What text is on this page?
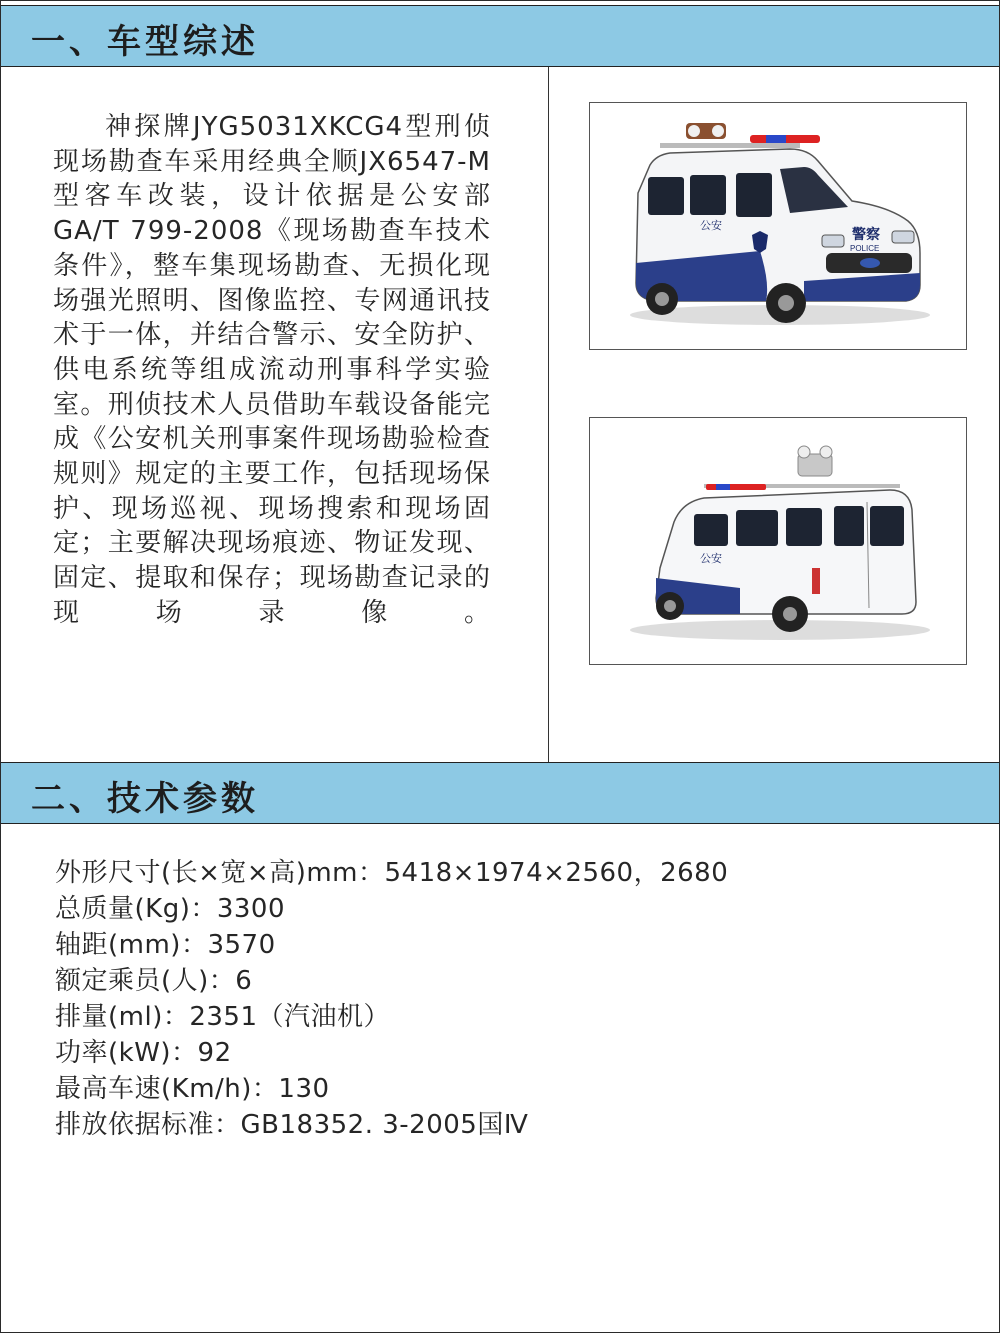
一、车型综述

神探牌JYG5031XKCG4型刑侦现场勘查车采用经典全顺JX6547-M型客车改装，设计依据是公安部GA/T 799-2008《现场勘查车技术条件》，整车集现场勘查、无损化现场强光照明、图像监控、专网通讯技术于一体，并结合警示、安全防护、供电系统等组成流动刑事科学实验室。刑侦技术人员借助车载设备能完成《公安机关刑事案件现场勘验检查规则》规定的主要工作，包括现场保护、现场巡视、现场搜索和现场固定；主要解决现场痕迹、物证发现、固定、提取和保存；现场勘查记录的现场录像。

警察
POLICE
公安
公安
二、技术参数
外形尺寸(长×宽×高)mm：5418×1974×2560，2680
总质量(Kg)：3300
轴距(mm)：3570
额定乘员(人)：6
排量(ml)：2351（汽油机）
功率(kW)：92
最高车速(Km/h)：130
排放依据标准：GB18352. 3-2005国Ⅳ
